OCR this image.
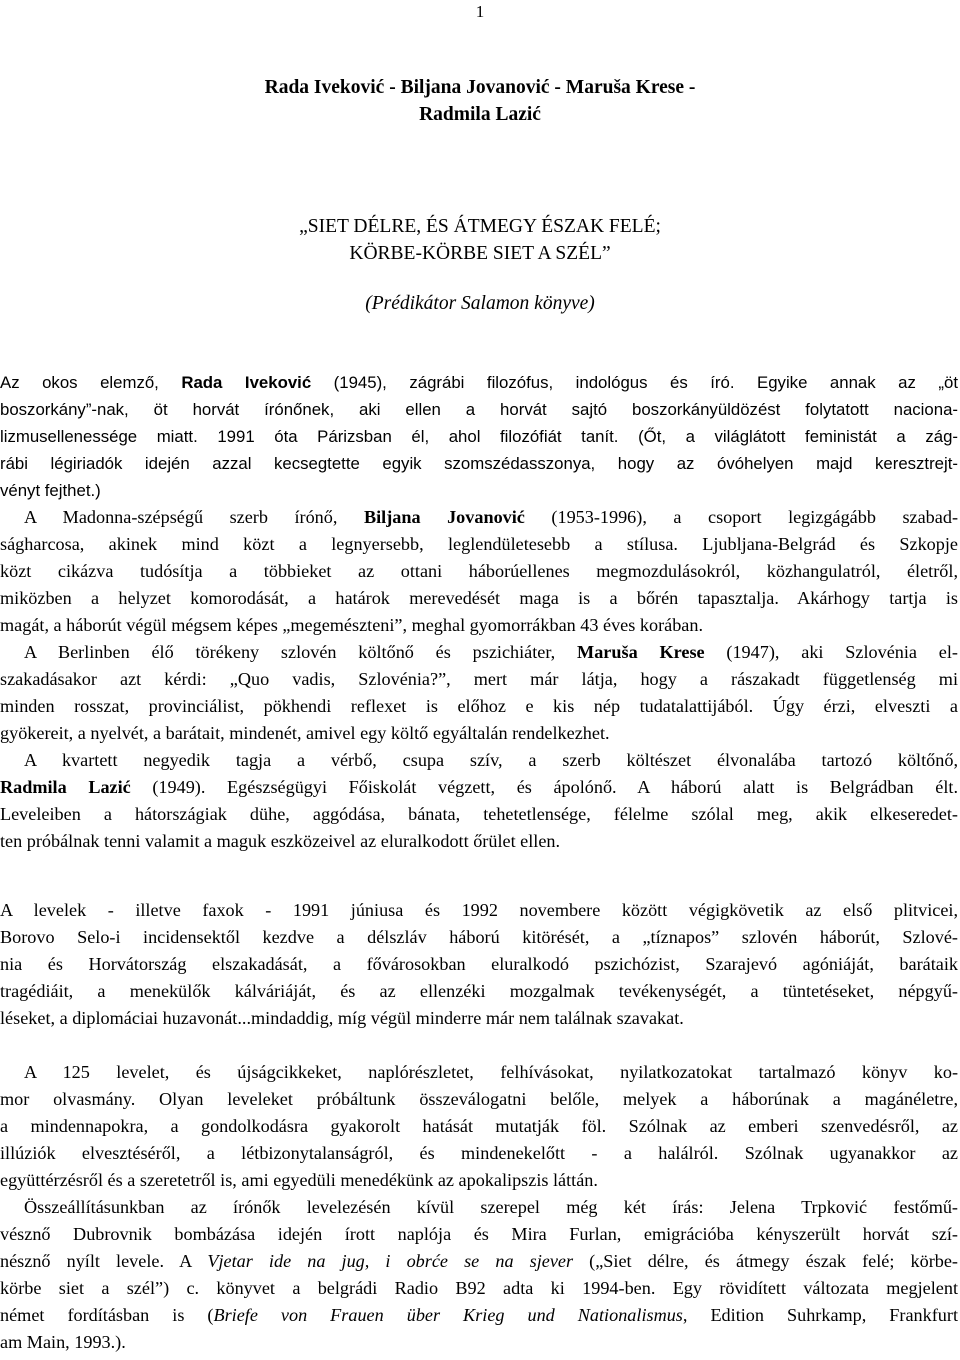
1
Rada Iveković - Biljana Jovanović - Maruša Krese -
Radmila Lazić
„SIET DÉLRE, ÉS ÁTMEGY ÉSZAK FELÉ;
KÖRBE-KÖRBE SIET A SZÉL”
(Prédikátor Salamon könyve)
Az okos elemző, Rada Iveković (1945), zágrábi filozófus, indológus és író. Egyike annak az „öt
boszorkány”-nak, öt horvát írónőnek, aki ellen a horvát sajtó boszorkányüldözést folytatott naciona-
lizmusellenessége miatt. 1991 óta Párizsban él, ahol filozófiát tanít. (Őt, a világlátott feministát a zág-
rábi légiriadók idején azzal kecsegtette egyik szomszédasszonya, hogy az óvóhelyen majd keresztrejt-
vényt fejthet.)
A Madonna-szépségű szerb írónő, Biljana Jovanović (1953-1996), a csoport legizgágább szabad-
ságharcosa, akinek mind közt a legnyersebb, leglendületesebb a stílusa. Ljubljana-Belgrád és Szkopje
közt cikázva tudósítja a többieket az ottani háborúellenes megmozdulásokról, közhangulatról, életről,
miközben a helyzet komorodását, a határok merevedését maga is a bőrén tapasztalja. Akárhogy tartja is
magát, a háborút végül mégsem képes „megemészteni”, meghal gyomorrákban 43 éves korában.
A Berlinben élő törékeny szlovén költőnő és pszichiáter, Maruša Krese (1947), aki Szlovénia el-
szakadásakor azt kérdi: „Quo vadis, Szlovénia?”, mert már látja, hogy a rászakadt függetlenség mi
minden rosszat, provinciálist, pökhendi reflexet is előhoz e kis nép tudatalattijából. Úgy érzi, elveszti a
gyökereit, a nyelvét, a barátait, mindenét, amivel egy költő egyáltalán rendelkezhet.
A kvartett negyedik tagja a vérbő, csupa szív, a szerb költészet élvonalába tartozó költőnő,
Radmila Lazić (1949). Egészségügyi Főiskolát végzett, és ápolónő. A háború alatt is Belgrádban élt.
Leveleiben a hátországiak dühe, aggódása, bánata, tehetetlensége, félelme szólal meg, akik elkeseredet-
ten próbálnak tenni valamit a maguk eszközeivel az eluralkodott őrület ellen.
A levelek - illetve faxok - 1991 júniusa és 1992 novembere között végigkövetik az első plitvicei,
Borovo Selo-i incidensektől kezdve a délszláv háború kitörését, a „tíznapos” szlovén háborút, Szlové-
nia és Horvátország elszakadását, a fővárosokban eluralkodó pszichózist, Szarajevó agóniáját, barátaik
tragédiáit, a menekülők kálváriáját, és az ellenzéki mozgalmak tevékenységét, a tüntetéseket, népgyű-
léseket, a diplomáciai huzavonát...mindaddig, míg végül minderre már nem találnak szavakat.
A 125 levelet, és újságcikkeket, naplórészletet, felhívásokat, nyilatkozatokat tartalmazó könyv ko-
mor olvasmány. Olyan leveleket próbáltunk összeválogatni belőle, melyek a háborúnak a magánéletre,
a mindennapokra, a gondolkodásra gyakorolt hatását mutatják föl. Szólnak az emberi szenvedésről, az
illúziók elvesztéséről, a létbizonytalanságról, és mindenekelőtt - a halálról. Szólnak ugyanakkor az
együttérzésről és a szeretetről is, ami egyedüli menedékünk az apokalipszis láttán.
Összeállításunkban az írónők levelezésén kívül szerepel még két írás: Jelena Trpković festőmű-
vésznő Dubrovnik bombázása idején írott naplója és Mira Furlan, emigrációba kényszerült horvát szí-
nésznő nyílt levele. A Vjetar ide na jug, i obrće se na sjever („Siet délre, és átmegy észak felé; körbe-
körbe siet a szél”) c. könyvet a belgrádi Radio B92 adta ki 1994-ben. Egy rövidített változata megjelent
német fordításban is (Briefe von Frauen über Krieg und Nationalismus, Edition Suhrkamp, Frankfurt
am Main, 1993.).
